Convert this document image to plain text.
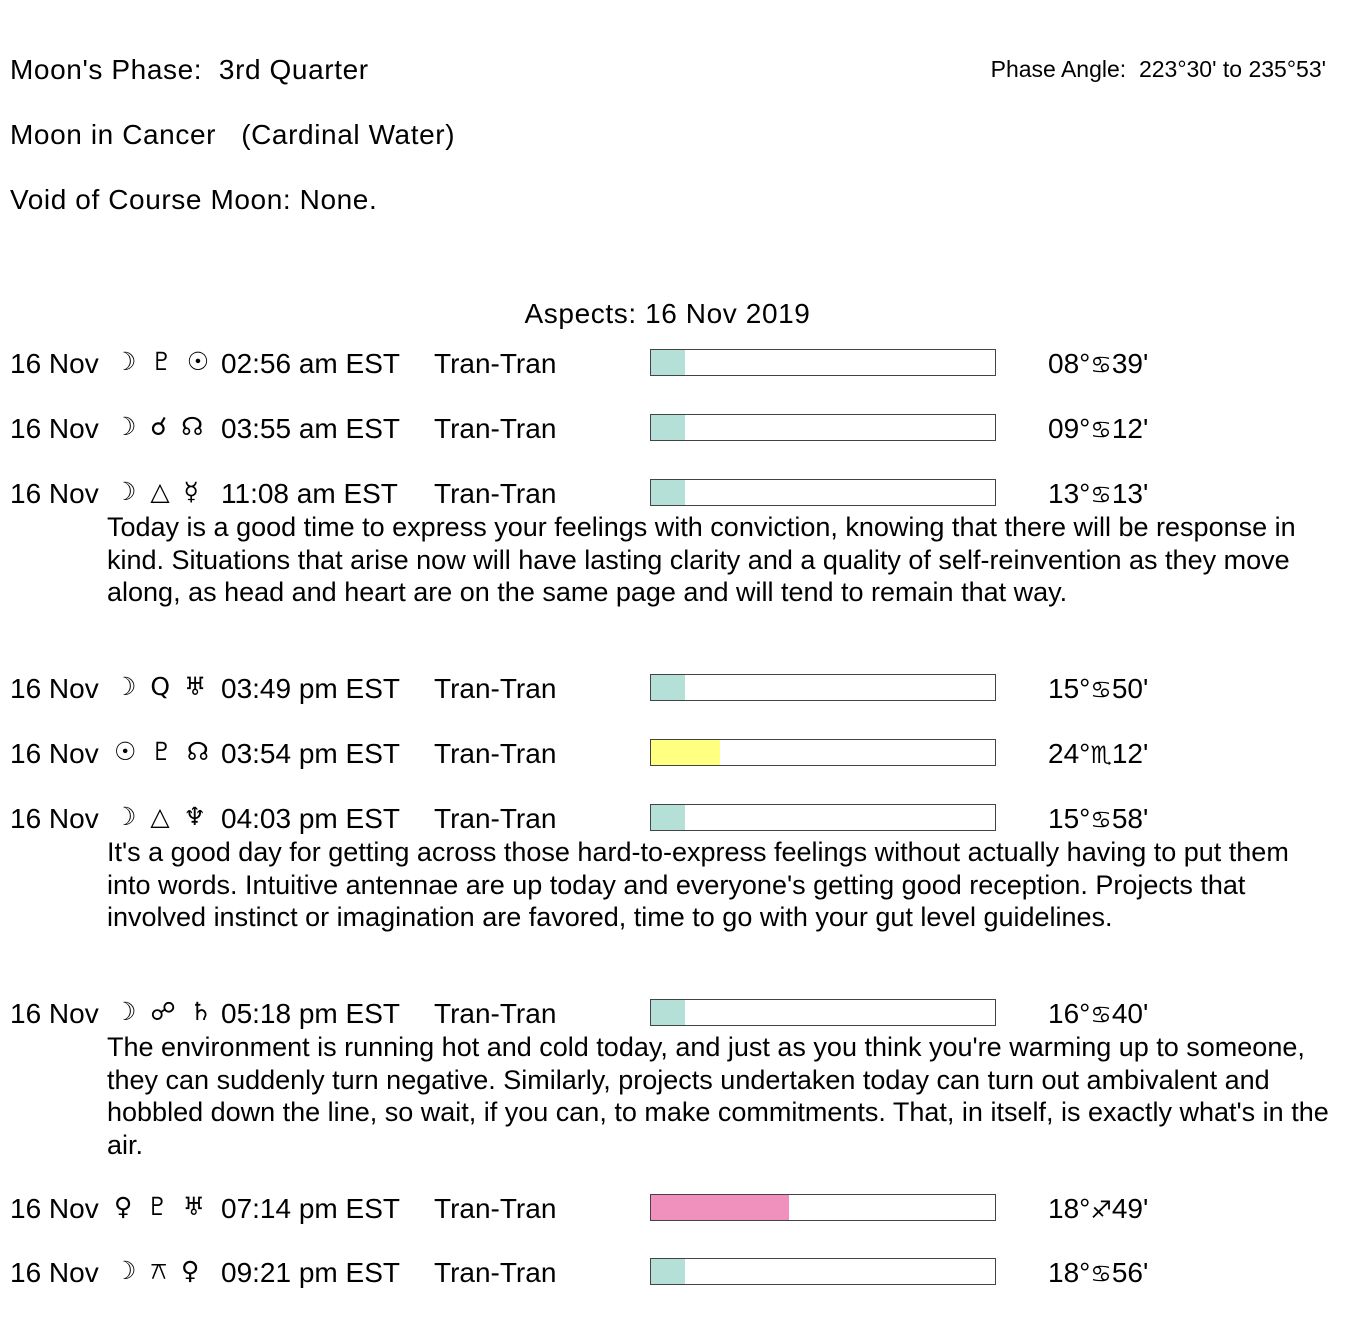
Moon's Phase:  3rd Quarter	Phase Angle:  223°30' to 235°53'
Moon in Cancer   (Cardinal Water)
Void of Course Moon: None.
Aspects: 16 Nov 2019
16 Nov ☽ ♇ ☉ 02:56 am EST Tran-Tran	08°♋39'
16 Nov ☽ ☌ ☊ 03:55 am EST Tran-Tran	09°♋12'
16 Nov ☽ △ ☿ 11:08 am EST Tran-Tran	13°♋13'
Today is a good time to express your feelings with conviction, knowing that there will be response in kind. Situations that arise now will have lasting clarity and a quality of self-reinvention as they move along, as head and heart are on the same page and will tend to remain that way.
16 Nov ☽ Q ♅ 03:49 pm EST Tran-Tran	15°♋50'
16 Nov ☉ ♇ ☊ 03:54 pm EST Tran-Tran	24°♏12'
16 Nov ☽ △ ♆ 04:03 pm EST Tran-Tran	15°♋58'
It's a good day for getting across those hard-to-express feelings without actually having to put them into words. Intuitive antennae are up today and everyone's getting good reception. Projects that involved instinct or imagination are favored, time to go with your gut level guidelines.
16 Nov ☽ ☍ ♄ 05:18 pm EST Tran-Tran	16°♋40'
The environment is running hot and cold today, and just as you think you're warming up to someone, they can suddenly turn negative. Similarly, projects undertaken today can turn out ambivalent and hobbled down the line, so wait, if you can, to make commitments. That, in itself, is exactly what's in the air.
16 Nov ♀ ♇ ♅ 07:14 pm EST Tran-Tran	18°♐49'
16 Nov ☽ ⚻ ♀ 09:21 pm EST Tran-Tran	18°♋56'
